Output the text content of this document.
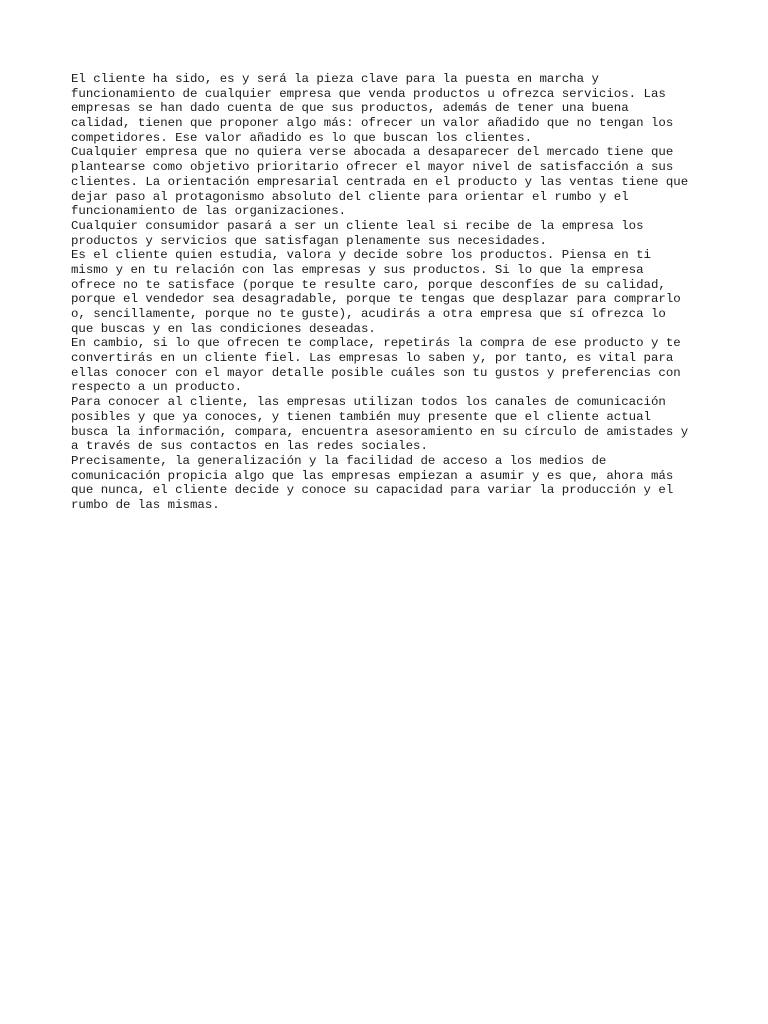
El cliente ha sido, es y será la pieza clave para la puesta en marcha y
funcionamiento de cualquier empresa que venda productos u ofrezca servicios. Las
empresas se han dado cuenta de que sus productos, además de tener una buena
calidad, tienen que proponer algo más: ofrecer un valor añadido que no tengan los
competidores. Ese valor añadido es lo que buscan los clientes.
Cualquier empresa que no quiera verse abocada a desaparecer del mercado tiene que
plantearse como objetivo prioritario ofrecer el mayor nivel de satisfacción a sus
clientes. La orientación empresarial centrada en el producto y las ventas tiene que
dejar paso al protagonismo absoluto del cliente para orientar el rumbo y el
funcionamiento de las organizaciones.
Cualquier consumidor pasará a ser un cliente leal si recibe de la empresa los
productos y servicios que satisfagan plenamente sus necesidades.
Es el cliente quien estudia, valora y decide sobre los productos. Piensa en ti
mismo y en tu relación con las empresas y sus productos. Si lo que la empresa
ofrece no te satisface (porque te resulte caro, porque desconfíes de su calidad,
porque el vendedor sea desagradable, porque te tengas que desplazar para comprarlo
o, sencillamente, porque no te guste), acudirás a otra empresa que sí ofrezca lo
que buscas y en las condiciones deseadas.
En cambio, si lo que ofrecen te complace, repetirás la compra de ese producto y te
convertirás en un cliente fiel. Las empresas lo saben y, por tanto, es vital para
ellas conocer con el mayor detalle posible cuáles son tu gustos y preferencias con
respecto a un producto.
Para conocer al cliente, las empresas utilizan todos los canales de comunicación
posibles y que ya conoces, y tienen también muy presente que el cliente actual
busca la información, compara, encuentra asesoramiento en su círculo de amistades y
a través de sus contactos en las redes sociales.
Precisamente, la generalización y la facilidad de acceso a los medios de
comunicación propicia algo que las empresas empiezan a asumir y es que, ahora más
que nunca, el cliente decide y conoce su capacidad para variar la producción y el
rumbo de las mismas.
